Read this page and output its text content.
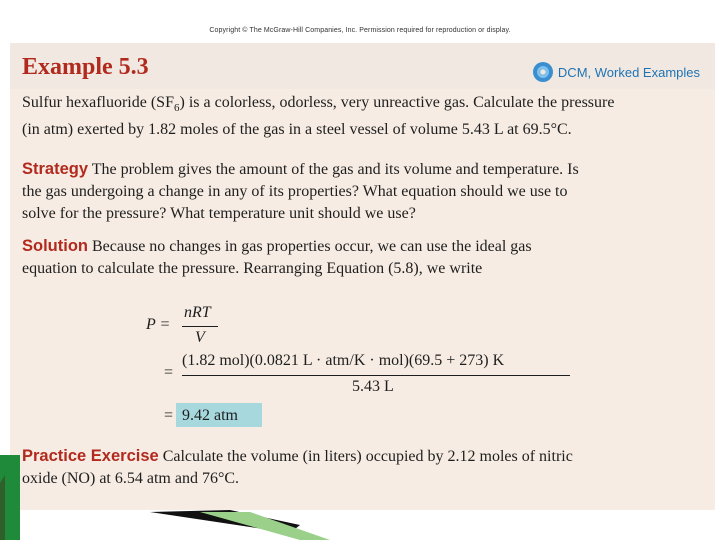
Copyright © The McGraw-Hill Companies, Inc. Permission required for reproduction or display.
Example 5.3	DCM, Worked Examples
Sulfur hexafluoride $(SF_6)$ is a colorless, odorless, very unreactive gas. Calculate the pressure
(in atm) exerted by 1.82 moles of the gas in a steel vessel of volume 5.43 L at 69.5°C.
Strategy The problem gives the amount of the gas and its volume and temperature. Is
the gas undergoing a change in any of its properties? What equation should we use to
solve for the pressure? What temperature unit should we use?
Solution Because no changes in gas properties occur, we can use the ideal gas
equation to calculate the pressure. Rearranging Equation (5.8), we write
P =
nRT
V
=
(1.82 mol)(0.0821 L · atm/K · mol)(69.5 + 273) K
5.43 L
= 9.42 atm
Practice Exercise Calculate the volume (in liters) occupied by 2.12 moles of nitric
oxide (NO) at 6.54 atm and 76°C.
